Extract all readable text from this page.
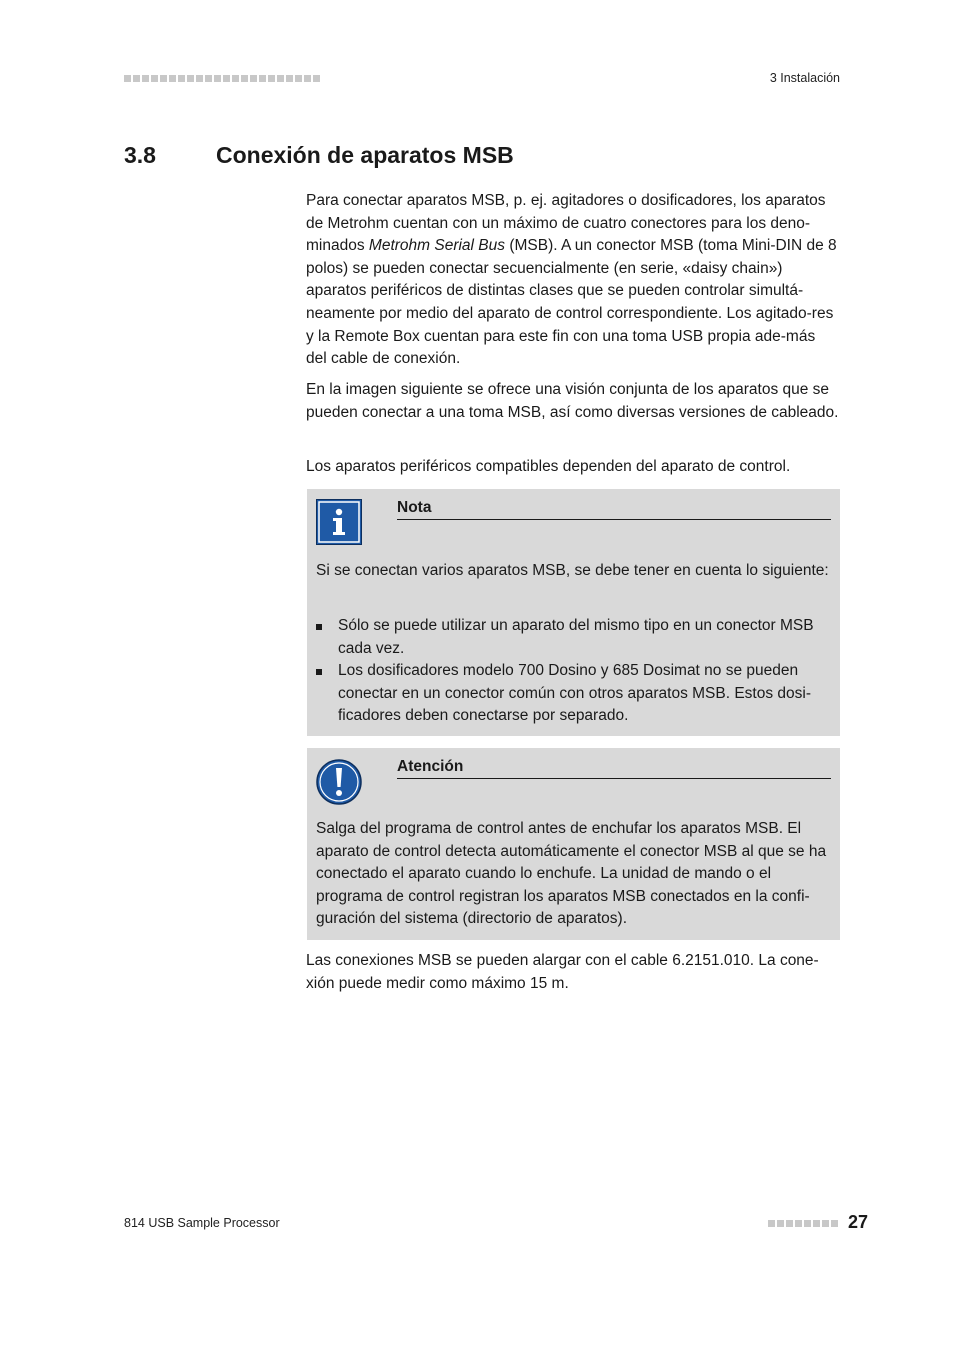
3 Instalación
3.8	Conexión de aparatos MSB

Para conectar aparatos MSB, p. ej. agitadores o dosificadores, los aparatos de Metrohm cuentan con un máximo de cuatro conectores para los deno-minados Metrohm Serial Bus (MSB). A un conector MSB (toma Mini-DIN de 8 polos) se pueden conectar secuencialmente (en serie, «daisy chain») aparatos periféricos de distintas clases que se pueden controlar simultá-neamente por medio del aparato de control correspondiente. Los agitado-res y la Remote Box cuentan para este fin con una toma USB propia ade-más del cable de conexión.

En la imagen siguiente se ofrece una visión conjunta de los aparatos que se pueden conectar a una toma MSB, así como diversas versiones de cableado.

Los aparatos periféricos compatibles dependen del aparato de control.

Nota

Si se conectan varios aparatos MSB, se debe tener en cuenta lo siguiente:

Sólo se puede utilizar un aparato del mismo tipo en un conector MSB cada vez.
Los dosificadores modelo 700 Dosino y 685 Dosimat no se pueden conectar en un conector común con otros aparatos MSB. Estos dosi-ficadores deben conectarse por separado.
Atención

Salga del programa de control antes de enchufar los aparatos MSB. El aparato de control detecta automáticamente el conector MSB al que se ha conectado el aparato cuando lo enchufe. La unidad de mando o el programa de control registran los aparatos MSB conectados en la confi-guración del sistema (directorio de aparatos).

Las conexiones MSB se pueden alargar con el cable 6.2151.010. La cone-xión puede medir como máximo 15 m.

814 USB Sample Processor	27
